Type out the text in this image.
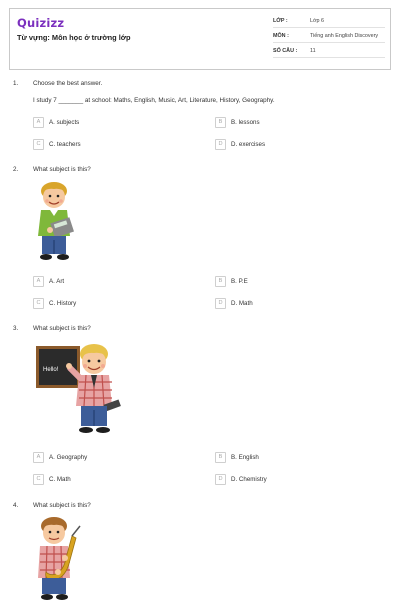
Quizizz
Từ vựng: Môn học ở trường lớp
LỚP :	Lớp 6
MÔN :	Tiếng anh English Discovery
SỐ CÂU : 11
1. Choose the best answer.
I study 7 _______ at school: Maths, English, Music, Art, Literature, History, Geography.
A	A. subjects	B	B. lessons
C	C. teachers	D	D. exercises
2. What subject is this?
A	A. Art	B	B. P.E
C	C. History	D	D. Math
3. What subject is this?
Hello!
A	A. Geography	B	B. English
C	C. Math	D	D. Chemistry
4. What subject is this?
